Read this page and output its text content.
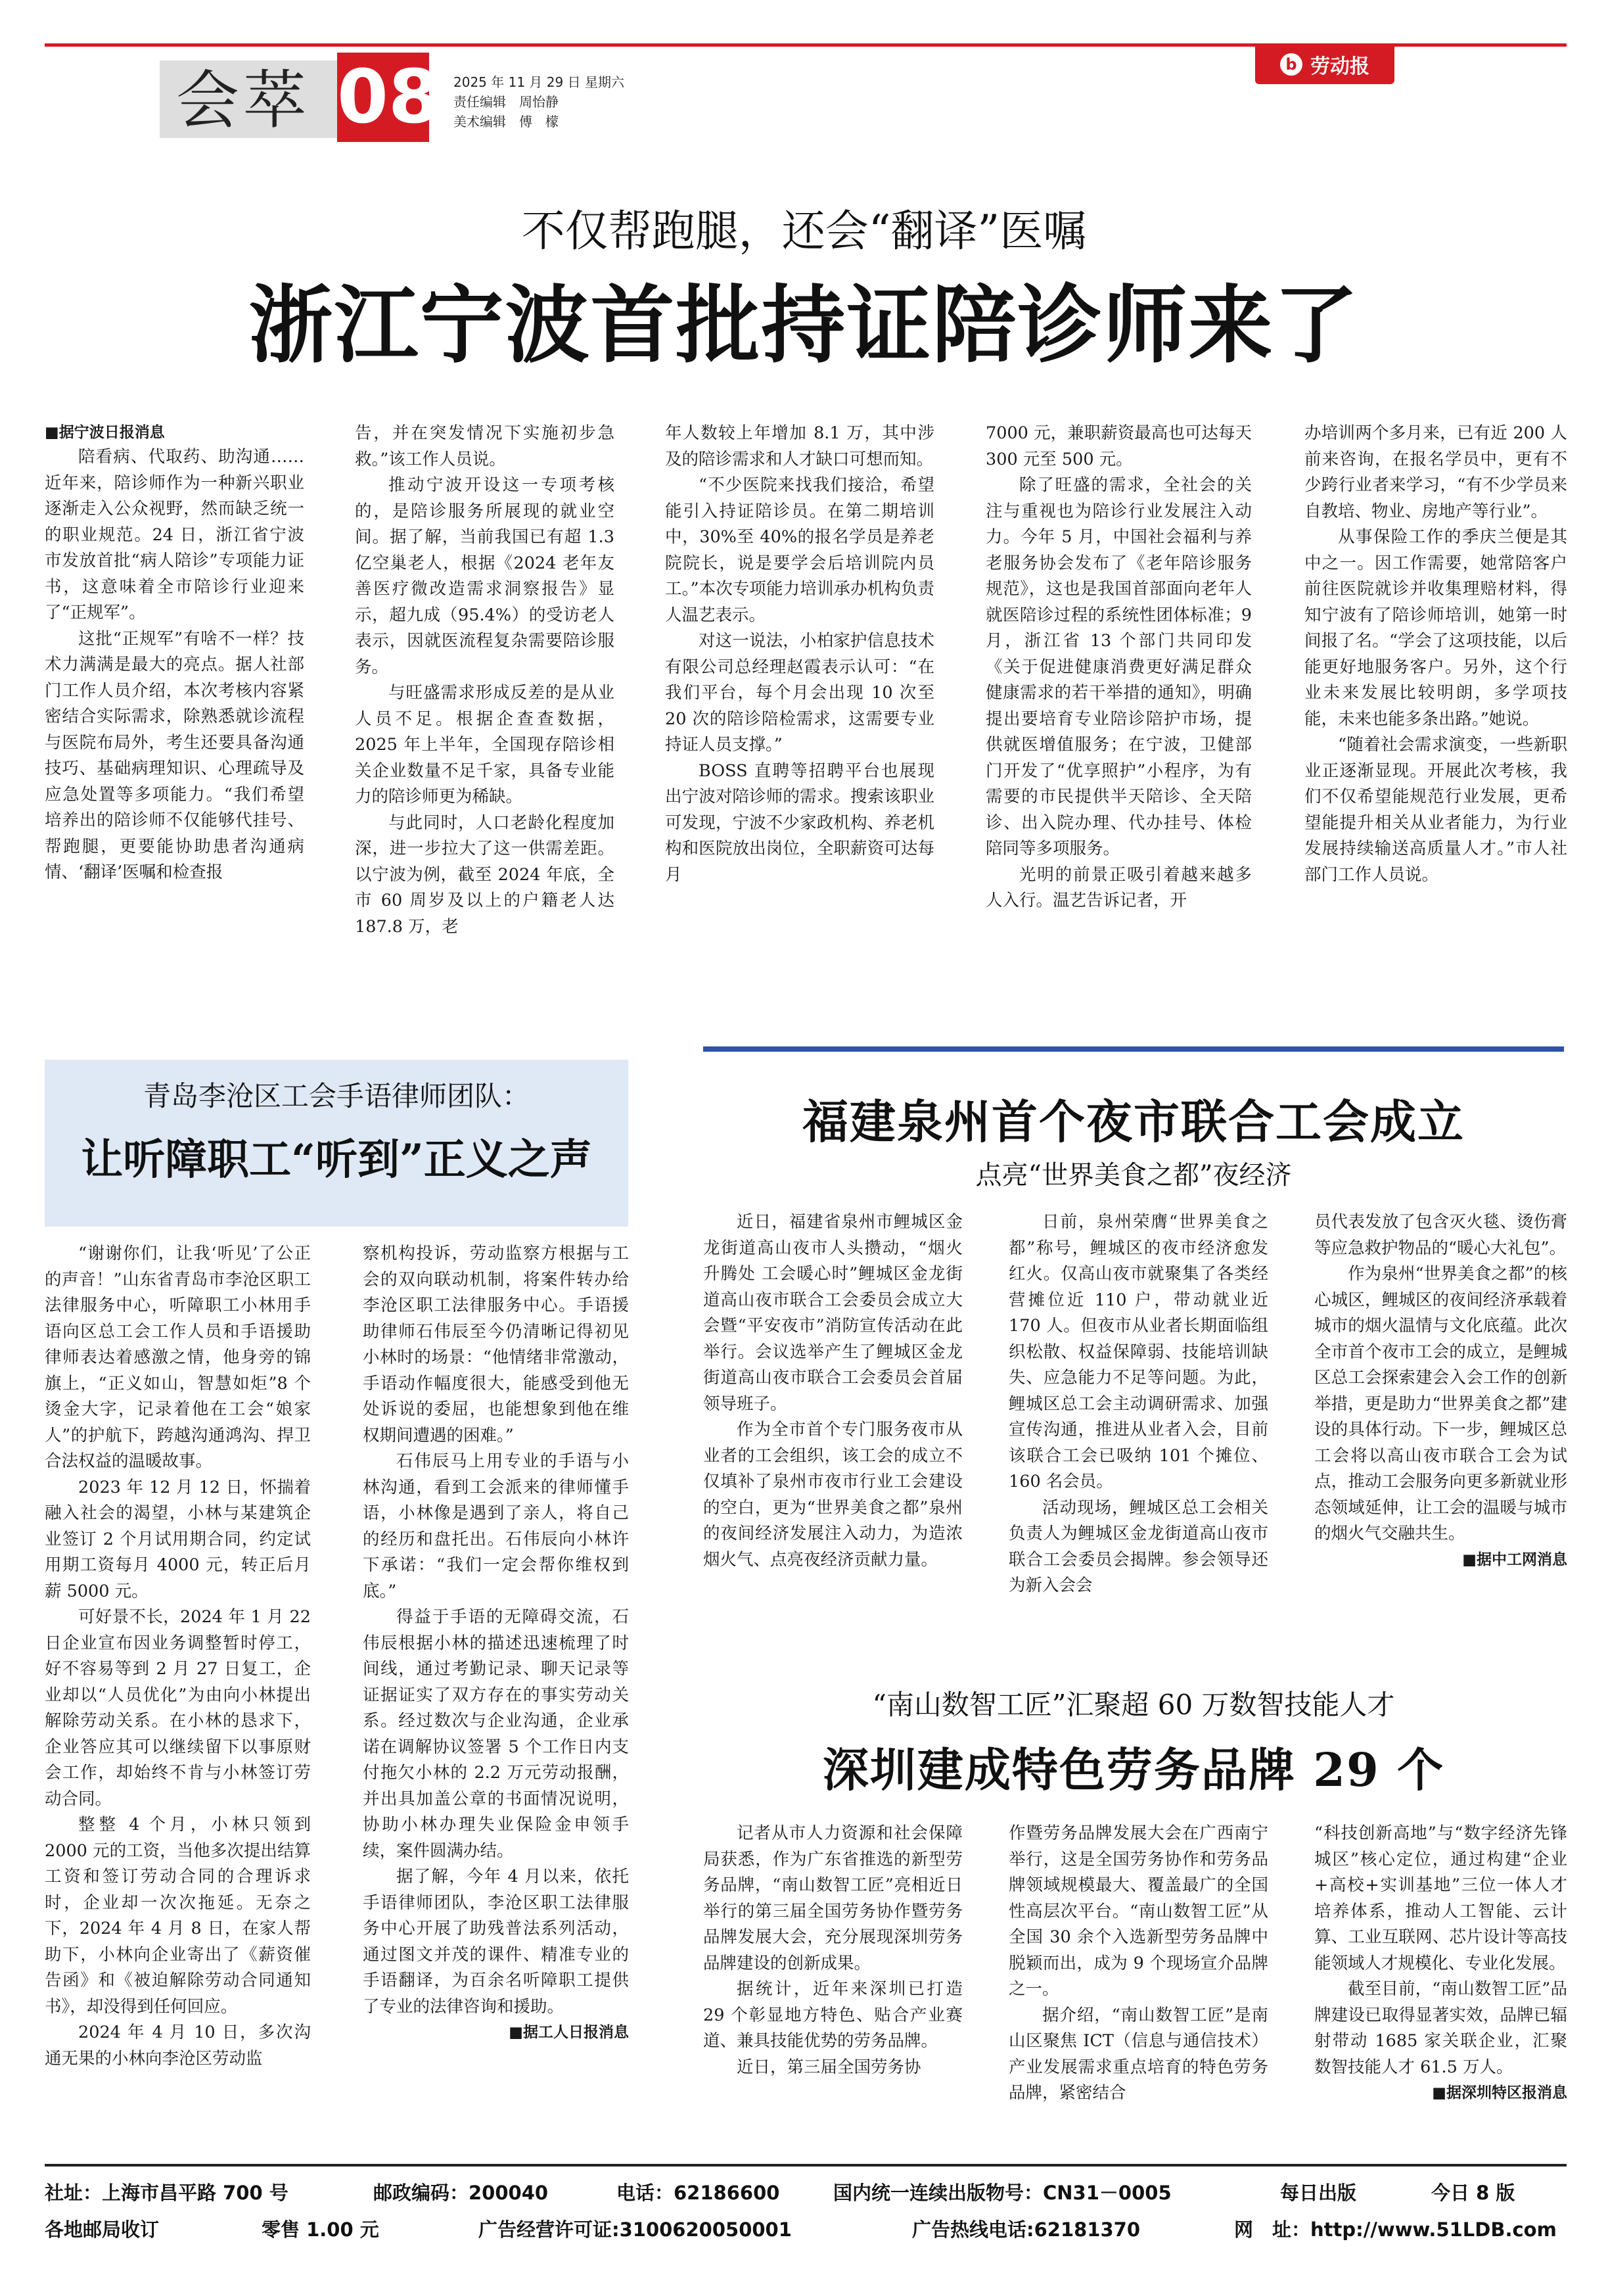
会萃 08 2025 年 11 月 29 日 星期六
责任编辑　周怡静
美术编辑　傅　檬
b 劳动报
不仅帮跑腿，还会“翻译”医嘱
浙江宁波首批持证陪诊师来了

■据宁波日报消息

陪看病、代取药、助沟通……近年来，陪诊师作为一种新兴职业逐渐走入公众视野，然而缺乏统一的职业规范。24 日，浙江省宁波市发放首批“病人陪诊”专项能力证书，这意味着全市陪诊行业迎来了“正规军”。

这批“正规军”有啥不一样？技术力满满是最大的亮点。据人社部门工作人员介绍，本次考核内容紧密结合实际需求，除熟悉就诊流程与医院布局外，考生还要具备沟通技巧、基础病理知识、心理疏导及应急处置等多项能力。“我们希望培养出的陪诊师不仅能够代挂号、帮跑腿，更要能协助患者沟通病情、‘翻译’医嘱和检查报

告，并在突发情况下实施初步急救。”该工作人员说。

推动宁波开设这一专项考核的，是陪诊服务所展现的就业空间。据了解，当前我国已有超 1.3 亿空巢老人，根据《2024 老年友善医疗微改造需求洞察报告》显示，超九成（95.4%）的受访老人表示，因就医流程复杂需要陪诊服务。

与旺盛需求形成反差的是从业人员不足。根据企查查数据，2025 年上半年，全国现存陪诊相关企业数量不足千家，具备专业能力的陪诊师更为稀缺。

与此同时，人口老龄化程度加深，进一步拉大了这一供需差距。以宁波为例，截至 2024 年底，全市 60 周岁及以上的户籍老人达 187.8 万，老

年人数较上年增加 8.1 万，其中涉及的陪诊需求和人才缺口可想而知。

“不少医院来找我们接洽，希望能引入持证陪诊员。在第二期培训中，30%至 40%的报名学员是养老院院长，说是要学会后培训院内员工。”本次专项能力培训承办机构负责人温艺表示。

对这一说法，小柏家护信息技术有限公司总经理赵霞表示认可：“在我们平台，每个月会出现 10 次至 20 次的陪诊陪检需求，这需要专业持证人员支撑。”

BOSS 直聘等招聘平台也展现出宁波对陪诊师的需求。搜索该职业可发现，宁波不少家政机构、养老机构和医院放出岗位，全职薪资可达每月

7000 元，兼职薪资最高也可达每天 300 元至 500 元。

除了旺盛的需求，全社会的关注与重视也为陪诊行业发展注入动力。今年 5 月，中国社会福利与养老服务协会发布了《老年陪诊服务规范》，这也是我国首部面向老年人就医陪诊过程的系统性团体标准；9 月，浙江省 13 个部门共同印发《关于促进健康消费更好满足群众健康需求的若干举措的通知》，明确提出要培育专业陪诊陪护市场，提供就医增值服务；在宁波，卫健部门开发了“优享照护”小程序，为有需要的市民提供半天陪诊、全天陪诊、出入院办理、代办挂号、体检陪同等多项服务。

光明的前景正吸引着越来越多人入行。温艺告诉记者，开

办培训两个多月来，已有近 200 人前来咨询，在报名学员中，更有不少跨行业者来学习，“有不少学员来自教培、物业、房地产等行业”。

从事保险工作的季庆兰便是其中之一。因工作需要，她常陪客户前往医院就诊并收集理赔材料，得知宁波有了陪诊师培训，她第一时间报了名。“学会了这项技能，以后能更好地服务客户。另外，这个行业未来发展比较明朗，多学项技能，未来也能多条出路。”她说。

“随着社会需求演变，一些新职业正逐渐显现。开展此次考核，我们不仅希望能规范行业发展，更希望能提升相关从业者能力，为行业发展持续输送高质量人才。”市人社部门工作人员说。

青岛李沧区工会手语律师团队：
让听障职工“听到”正义之声

“谢谢你们，让我‘听见’了公正的声音！”山东省青岛市李沧区职工法律服务中心，听障职工小林用手语向区总工会工作人员和手语援助律师表达着感激之情，他身旁的锦旗上，“正义如山，智慧如炬”8 个烫金大字，记录着他在工会“娘家人”的护航下，跨越沟通鸿沟、捍卫合法权益的温暖故事。

2023 年 12 月 12 日，怀揣着融入社会的渴望，小林与某建筑企业签订 2 个月试用期合同，约定试用期工资每月 4000 元，转正后月薪 5000 元。

可好景不长，2024 年 1 月 22 日企业宣布因业务调整暂时停工，好不容易等到 2 月 27 日复工，企业却以“人员优化”为由向小林提出解除劳动关系。在小林的恳求下，企业答应其可以继续留下以事原财会工作，却始终不肯与小林签订劳动合同。

整整 4 个月，小林只领到 2000 元的工资，当他多次提出结算工资和签订劳动合同的合理诉求时，企业却一次次拖延。无奈之下，2024 年 4 月 8 日，在家人帮助下，小林向企业寄出了《薪资催告函》和《被迫解除劳动合同通知书》，却没得到任何回应。

2024 年 4 月 10 日，多次沟通无果的小林向李沧区劳动监

察机构投诉，劳动监察方根据与工会的双向联动机制，将案件转办给李沧区职工法律服务中心。手语援助律师石伟辰至今仍清晰记得初见小林时的场景：“他情绪非常激动，手语动作幅度很大，能感受到他无处诉说的委屈，也能想象到他在维权期间遭遇的困难。”

石伟辰马上用专业的手语与小林沟通，看到工会派来的律师懂手语，小林像是遇到了亲人，将自己的经历和盘托出。石伟辰向小林许下承诺：“我们一定会帮你维权到底。”

得益于手语的无障碍交流，石伟辰根据小林的描述迅速梳理了时间线，通过考勤记录、聊天记录等证据证实了双方存在的事实劳动关系。经过数次与企业沟通，企业承诺在调解协议签署 5 个工作日内支付拖欠小林的 2.2 万元劳动报酬，并出具加盖公章的书面情况说明，协助小林办理失业保险金申领手续，案件圆满办结。

据了解，今年 4 月以来，依托手语律师团队，李沧区职工法律服务中心开展了助残普法系列活动，通过图文并茂的课件、精准专业的手语翻译，为百余名听障职工提供了专业的法律咨询和援助。

■据工人日报消息

福建泉州首个夜市联合工会成立
点亮“世界美食之都”夜经济

近日，福建省泉州市鲤城区金龙街道高山夜市人头攒动，“烟火升腾处 工会暖心时”鲤城区金龙街道高山夜市联合工会委员会成立大会暨“平安夜市”消防宣传活动在此举行。会议选举产生了鲤城区金龙街道高山夜市联合工会委员会首届领导班子。

作为全市首个专门服务夜市从业者的工会组织，该工会的成立不仅填补了泉州市夜市行业工会建设的空白，更为“世界美食之都”泉州的夜间经济发展注入动力，为造浓烟火气、点亮夜经济贡献力量。

日前，泉州荣膺“世界美食之都”称号，鲤城区的夜市经济愈发红火。仅高山夜市就聚集了各类经营摊位近 110 户，带动就业近 170 人。但夜市从业者长期面临组织松散、权益保障弱、技能培训缺失、应急能力不足等问题。为此，鲤城区总工会主动调研需求、加强宣传沟通，推进从业者入会，目前该联合工会已吸纳 101 个摊位、160 名会员。

活动现场，鲤城区总工会相关负责人为鲤城区金龙街道高山夜市联合工会委员会揭牌。参会领导还为新入会会

员代表发放了包含灭火毯、烫伤膏等应急救护物品的“暖心大礼包”。

作为泉州“世界美食之都”的核心城区，鲤城区的夜间经济承载着城市的烟火温情与文化底蕴。此次全市首个夜市工会的成立，是鲤城区总工会探索建会入会工作的创新举措，更是助力“世界美食之都”建设的具体行动。下一步，鲤城区总工会将以高山夜市联合工会为试点，推动工会服务向更多新就业形态领域延伸，让工会的温暖与城市的烟火气交融共生。

■据中工网消息

“南山数智工匠”汇聚超 60 万数智技能人才
深圳建成特色劳务品牌 29 个

记者从市人力资源和社会保障局获悉，作为广东省推选的新型劳务品牌，“南山数智工匠”亮相近日举行的第三届全国劳务协作暨劳务品牌发展大会，充分展现深圳劳务品牌建设的创新成果。

据统计，近年来深圳已打造 29 个彰显地方特色、贴合产业赛道、兼具技能优势的劳务品牌。

近日，第三届全国劳务协

作暨劳务品牌发展大会在广西南宁举行，这是全国劳务协作和劳务品牌领域规模最大、覆盖最广的全国性高层次平台。“南山数智工匠”从全国 30 余个入选新型劳务品牌中脱颖而出，成为 9 个现场宣介品牌之一。

据介绍，“南山数智工匠”是南山区聚焦 ICT（信息与通信技术）产业发展需求重点培育的特色劳务品牌，紧密结合

“科技创新高地”与“数字经济先锋城区”核心定位，通过构建“企业+高校+实训基地”三位一体人才培养体系，推动人工智能、云计算、工业互联网、芯片设计等高技能领域人才规模化、专业化发展。

截至目前，“南山数智工匠”品牌建设已取得显著实效，品牌已辐射带动 1685 家关联企业，汇聚数智技能人才 61.5 万人。

■据深圳特区报消息

社址：上海市昌平路 700 号	邮政编码：200040	电话：62186600	国内统一连续出版物号：CN31－0005	每日出版	今日 8 版
各地邮局收订	零售 1.00 元	广告经营许可证:3100620050001	广告热线电话:62181370	网　址：http://www.51LDB.com
